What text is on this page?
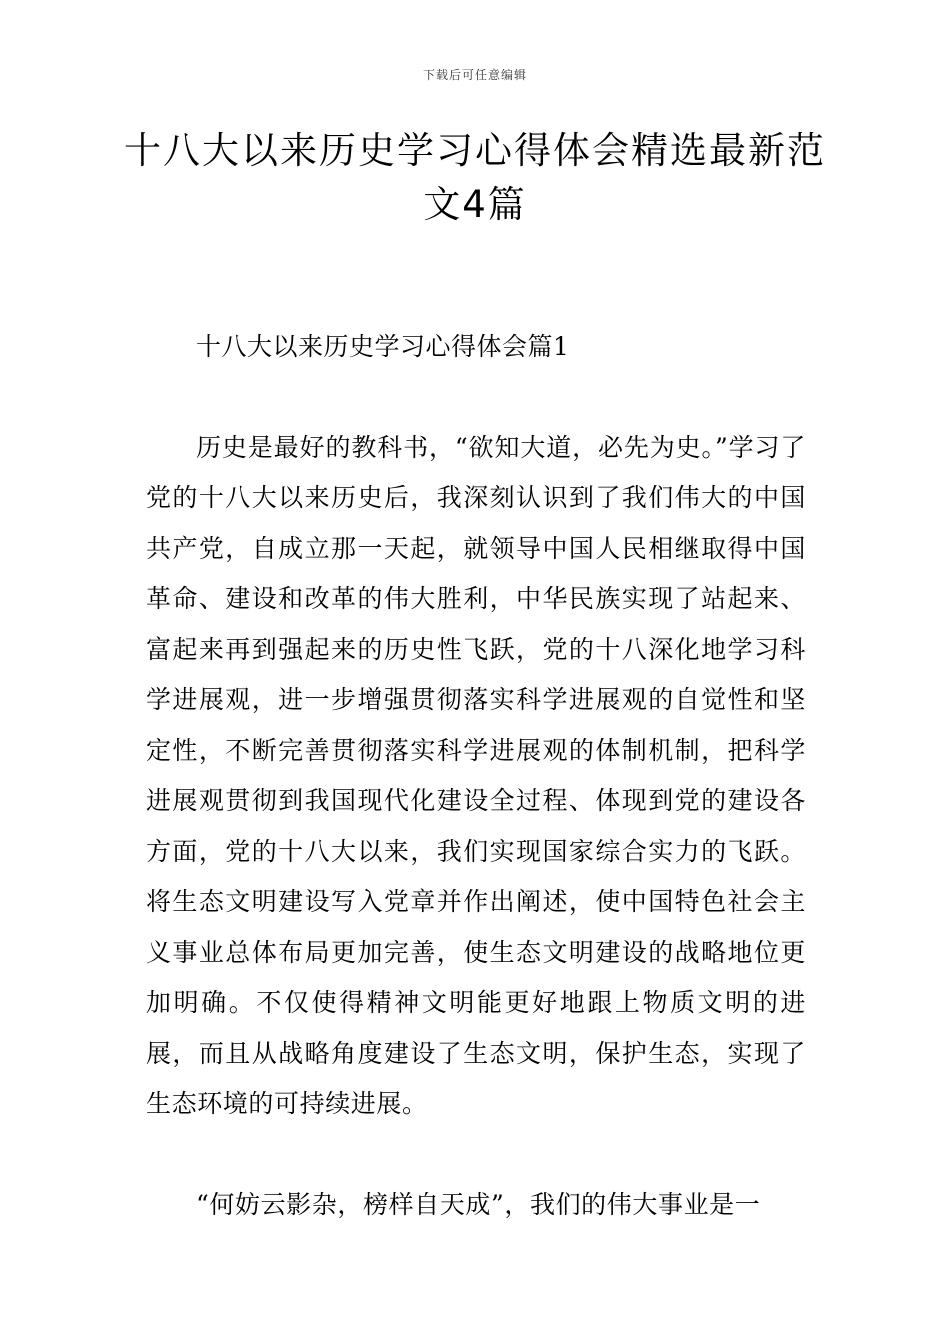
下载后可任意编辑
十八大以来历史学习心得体会精选最新范文4篇

十八大以来历史学习心得体会篇1

历史是最好的教科书，“欲知大道，必先为史。”学习了党的十八大以来历史后，我深刻认识到了我们伟大的中国共产党，自成立那一天起，就领导中国人民相继取得中国革命、建设和改革的伟大胜利，中华民族实现了站起来、富起来再到强起来的历史性飞跃，党的十八深化地学习科学进展观，进一步增强贯彻落实科学进展观的自觉性和坚定性，不断完善贯彻落实科学进展观的体制机制，把科学进展观贯彻到我国现代化建设全过程、体现到党的建设各方面，党的十八大以来，我们实现国家综合实力的飞跃。将生态文明建设写入党章并作出阐述，使中国特色社会主义事业总体布局更加完善，使生态文明建设的战略地位更加明确。不仅使得精神文明能更好地跟上物质文明的进展，而且从战略角度建设了生态文明，保护生态，实现了生态环境的可持续进展。

“何妨云影杂，榜样自天成”，我们的伟大事业是一
